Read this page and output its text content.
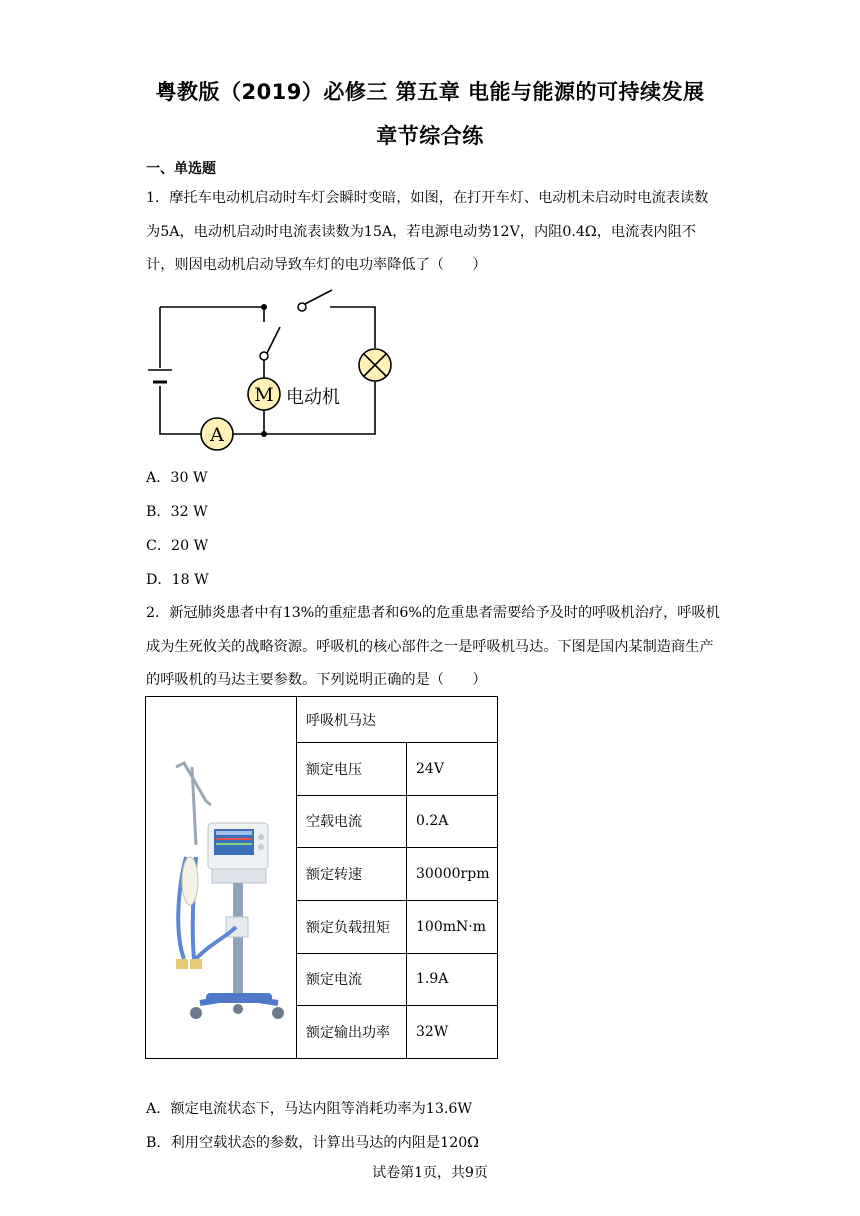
粤教版（2019）必修三 第五章 电能与能源的可持续发展
章节综合练
一、单选题
1．摩托车电动机启动时车灯会瞬时变暗，如图，在打开车灯、电动机未启动时电流表读数为5A，电动机启动时电流表读数为15A，若电源电动势12V，内阻0.4Ω，电流表内阻不计，则因电动机启动导致车灯的电功率降低了（　　）
M 电动机
A
A．30 W
B．32 W
C．20 W
D．18 W
2．新冠肺炎患者中有13%的重症患者和6%的危重患者需要给予及时的呼吸机治疗，呼吸机成为生死攸关的战略资源。呼吸机的核心部件之一是呼吸机马达。下图是国内某制造商生产的呼吸机的马达主要参数。下列说明正确的是（　　）
	呼吸机马达	
	额定电压	24V
	空载电流	0.2A
	额定转速	30000rpm
	额定负载扭矩	100mN·m
	额定电流	1.9A
	额定输出功率	32W
A．额定电流状态下，马达内阻等消耗功率为13.6W
B．利用空载状态的参数，计算出马达的内阻是120Ω
试卷第1页，共9页
